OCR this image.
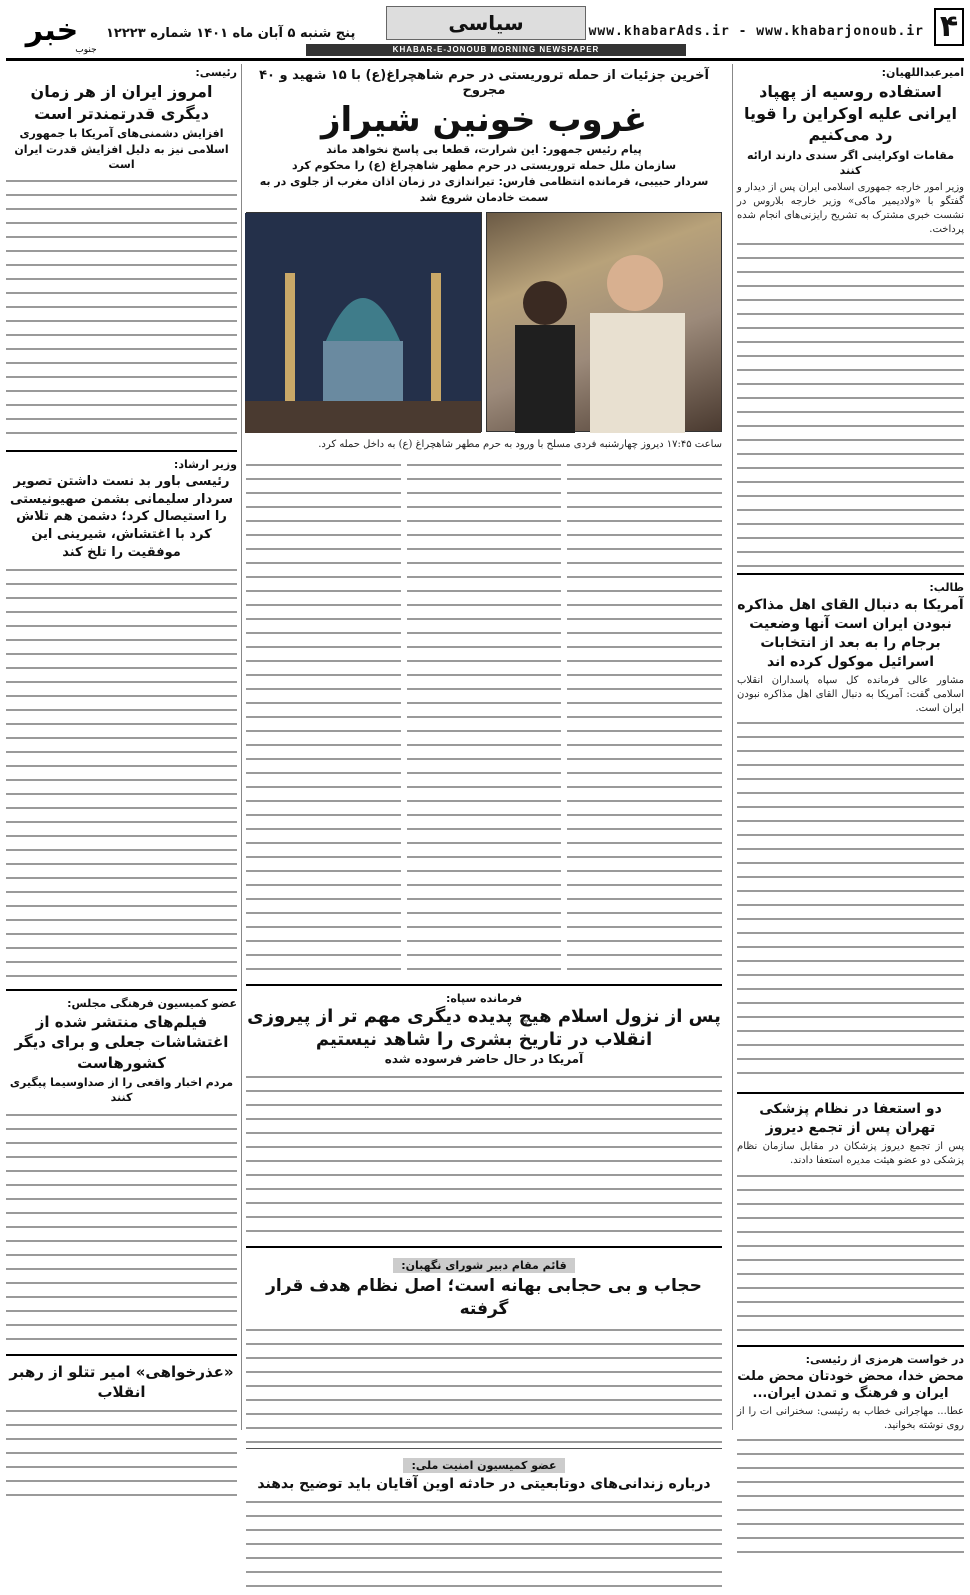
۴
www.khabarAds.ir - www.khabarjonoub.ir
سیاسی
KHABAR-E-JONOUB MORNING NEWSPAPER
پنج شنبه ۵ آبان ماه ۱۴۰۱ شماره ۱۲۲۲۳
خبر
جنوب
امیرعبداللهیان:
استفاده روسیه از پهپاد ایرانی علیه اوکراین را قویا رد می‌کنیم
مقامات اوکراینی اگر سندی دارند ارائه کنند

وزیر امور خارجه جمهوری اسلامی ایران پس از دیدار و گفتگو با «ولادیمیر ماکی» وزیر خارجه بلاروس در نشست خبری مشترک به تشریح رایزنی‌های انجام شده پرداخت.

طالب:
آمریکا به دنبال القای اهل مذاکره نبودن ایران است آنها وضعیت برجام را به بعد از انتخابات اسرائیل موکول کرده اند

مشاور عالی فرمانده کل سپاه پاسداران انقلاب اسلامی گفت: آمریکا به دنبال القای اهل مذاکره نبودن ایران است.

دو استعفا در نظام پزشکی تهران پس از تجمع دیروز

پس از تجمع دیروز پزشکان در مقابل سازمان نظام پزشکی دو عضو هیئت مدیره استعفا دادند.

در خواست هرمزی از رئیسی:
محض خدا، محض خودتان محض ملت ایران و فرهنگ و تمدن ایران...

عطا... مهاجرانی خطاب به رئیسی: سخنرانی ات را از روی نوشته بخوانید.

آخرین جزئیات از حمله تروریستی در حرم شاهچراغ(ع) با ۱۵ شهید و ۴۰ مجروح
غروب خونین شیراز
پیام رئیس جمهور: این شرارت، قطعا بی پاسخ نخواهد ماند
سازمان ملل حمله تروریستی در حرم مطهر شاهچراغ (ع) را محکوم کرد
سردار حبیبی، فرمانده انتظامی فارس: تیراندازی در زمان اذان مغرب از جلوی در به سمت خادمان شروع شد

ساعت ۱۷:۴۵ دیروز چهارشنبه فردی مسلح با ورود به حرم مطهر شاهچراغ (ع) به داخل حمله کرد.

فرمانده سپاه:
پس از نزول اسلام هیچ پدیده دیگری مهم تر از پیروزی انقلاب در تاریخ بشری را شاهد نیستیم
آمریکا در حال حاضر فرسوده شده
قائم مقام دبیر شورای نگهبان:
حجاب و بی حجابی بهانه است؛ اصل نظام هدف قرار گرفته
عضو کمیسیون امنیت ملی:
درباره زندانی‌های دوتابعیتی در حادثه اوین آقایان باید توضیح بدهند
رئیسی:
امروز ایران از هر زمان دیگری قدرتمندتر است
افزایش دشمنی‌های آمریکا با جمهوری اسلامی نیز به دلیل افزایش قدرت ایران است
وزیر ارشاد:
رئیسی باور بد نست داشتن تصویر سردار سلیمانی بشمن صهیونیستی را استیصال کرد؛ دشمن هم تلاش کرد با اغتشاش، شیرینی این موفقیت را تلخ کند
عضو کمیسیون فرهنگی مجلس:
فیلم‌های منتشر شده از اغتشاشات جعلی و برای دیگر کشورهاست
مردم اخبار واقعی را از صداوسیما پیگیری کنند
«عذرخواهی» امیر تتلو از رهبر انقلاب
